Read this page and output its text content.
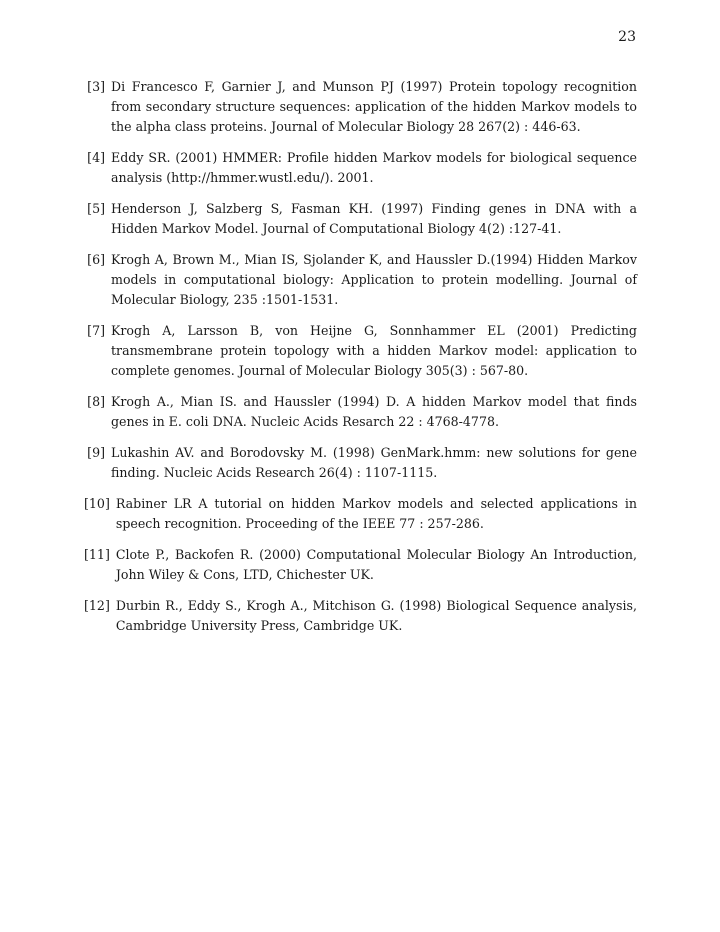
23
[3] Di Francesco F, Garnier J, and Munson PJ (1997) Protein topology recognition from secondary structure sequences: application of the hidden Markov models to the alpha class proteins. Journal of Molecular Biology 28 267(2) : 446-63.
[4] Eddy SR. (2001) HMMER: Profile hidden Markov models for biological sequence analysis (http://hmmer.wustl.edu/). 2001.
[5] Henderson J, Salzberg S, Fasman KH. (1997) Finding genes in DNA with a Hidden Markov Model. Journal of Computational Biology 4(2) :127-41.
[6] Krogh A, Brown M., Mian IS, Sjolander K, and Haussler D.(1994) Hidden Markov models in computational biology: Application to protein modelling. Journal of Molecular Biology, 235 :1501-1531.
[7] Krogh A, Larsson B, von Heijne G, Sonnhammer EL (2001) Predicting transmembrane protein topology with a hidden Markov model: application to complete genomes. Journal of Molecular Biology 305(3) : 567-80.
[8] Krogh A., Mian IS. and Haussler (1994) D. A hidden Markov model that finds genes in E. coli DNA. Nucleic Acids Resarch 22 : 4768-4778.
[9] Lukashin AV. and Borodovsky M. (1998) GenMark.hmm: new solutions for gene finding. Nucleic Acids Research 26(4) : 1107-1115.
[10] Rabiner LR A tutorial on hidden Markov models and selected applications in speech recognition. Proceeding of the IEEE 77 : 257-286.
[11] Clote P., Backofen R. (2000) Computational Molecular Biology An Introduction, John Wiley & Cons, LTD, Chichester UK.
[12] Durbin R., Eddy S., Krogh A., Mitchison G. (1998) Biological Sequence analysis, Cambridge University Press, Cambridge UK.
